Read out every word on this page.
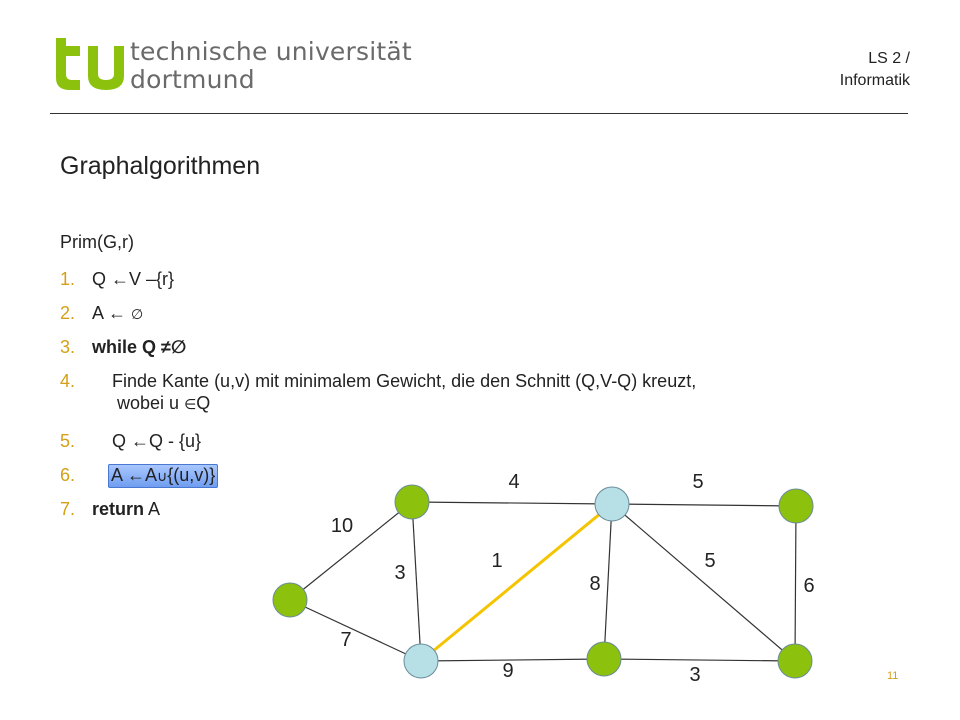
technische universität
dortmund
LS 2 /
Informatik
Graphalgorithmen
Prim(G,r)
1. Q ←V –{r}
2. A ← ∅
3. while Q ≠∅
4. Finde Kante (u,v) mit minimalem Gewicht, die den Schnitt (Q,V-Q) kreuzt,
wobei u ∈Q
5. Q ←Q - {u}
6. A ←A∪{(u,v)}
7. return A
10
7
3
4
1
9
8
5
5
3
6
11
